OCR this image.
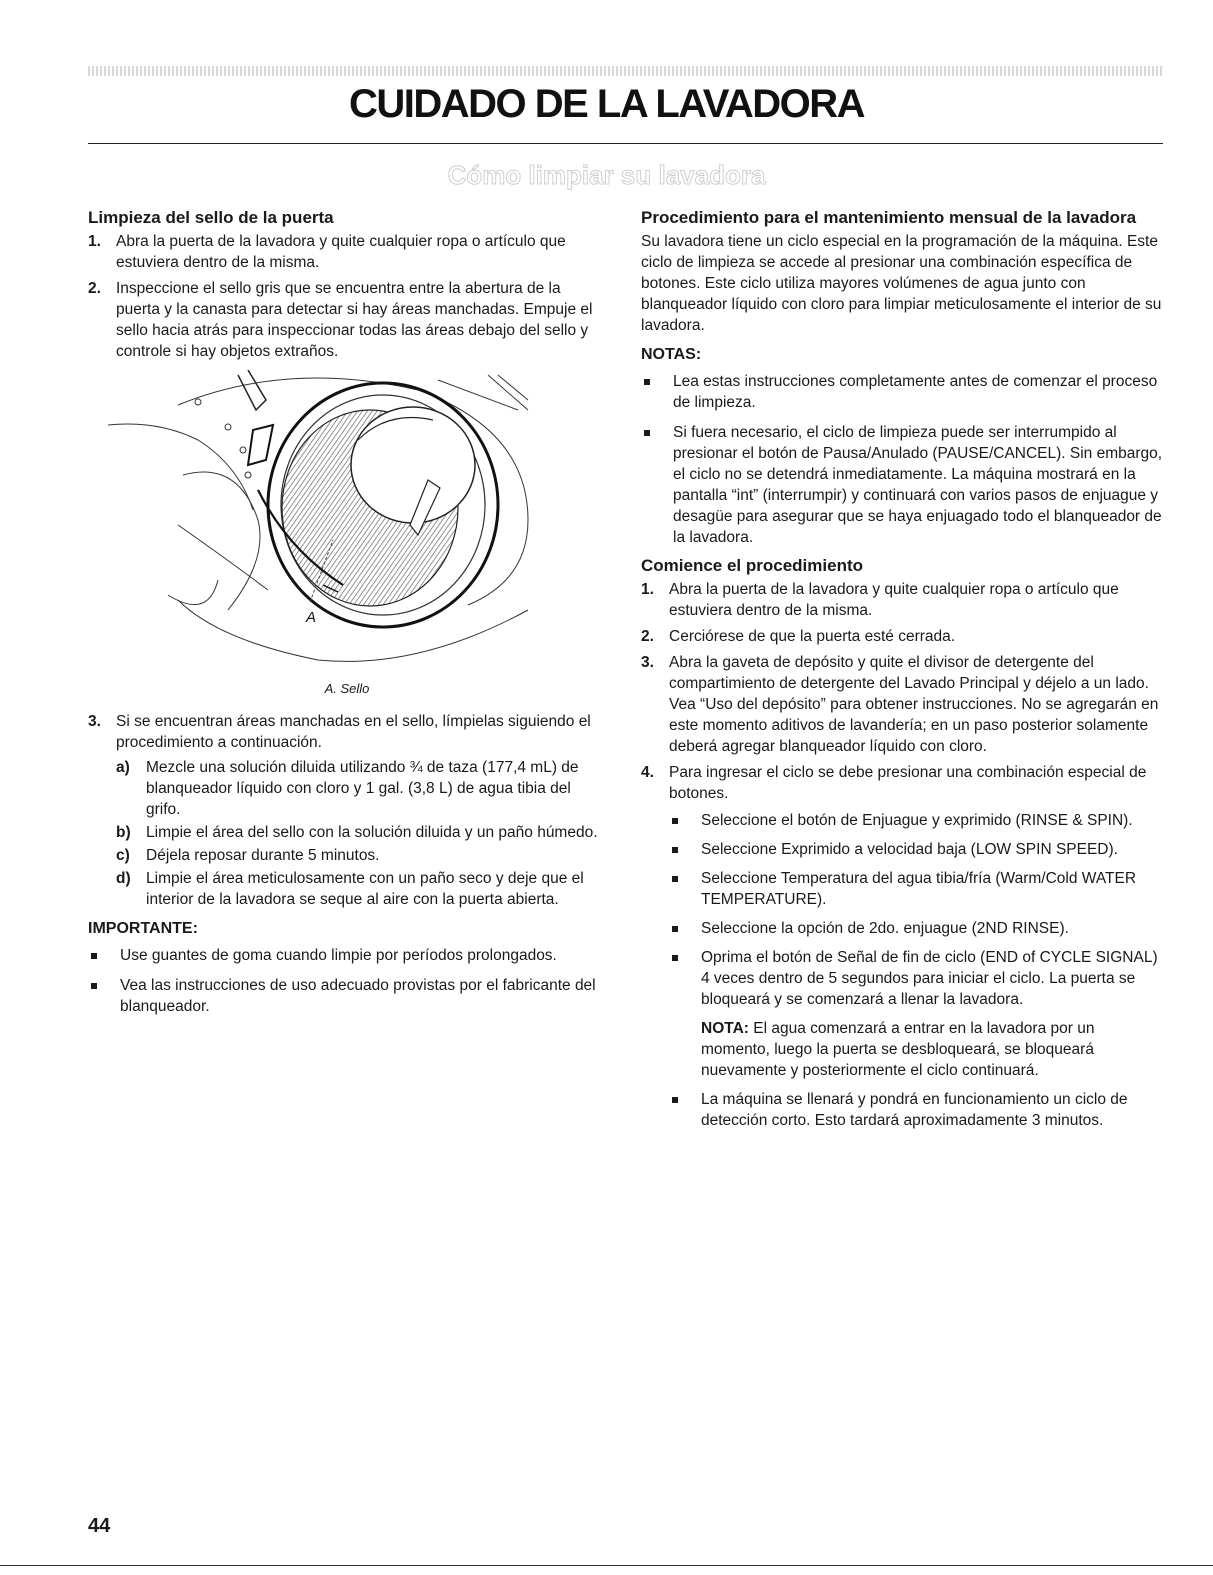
CUIDADO DE LA LAVADORA
Cómo limpiar su lavadora
Limpieza del sello de la puerta
1. Abra la puerta de la lavadora y quite cualquier ropa o artículo que estuviera dentro de la misma.
2. Inspeccione el sello gris que se encuentra entre la abertura de la puerta y la canasta para detectar si hay áreas manchadas. Empuje el sello hacia atrás para inspeccionar todas las áreas debajo del sello y controle si hay objetos extraños.
A

A. Sello

3. Si se encuentran áreas manchadas en el sello, límpielas siguiendo el procedimiento a continuación.
a) Mezcle una solución diluida utilizando ¾ de taza (177,4 mL) de blanqueador líquido con cloro y 1 gal. (3,8 L) de agua tibia del grifo.
b) Limpie el área del sello con la solución diluida y un paño húmedo.
c) Déjela reposar durante 5 minutos.
d) Limpie el área meticulosamente con un paño seco y deje que el interior de la lavadora se seque al aire con la puerta abierta.

IMPORTANTE:

Use guantes de goma cuando limpie por períodos prolongados.
Vea las instrucciones de uso adecuado provistas por el fabricante del blanqueador.
Procedimiento para el mantenimiento mensual de la lavadora

Su lavadora tiene un ciclo especial en la programación de la máquina. Este ciclo de limpieza se accede al presionar una combinación específica de botones. Este ciclo utiliza mayores volúmenes de agua junto con blanqueador líquido con cloro para limpiar meticulosamente el interior de su lavadora.

NOTAS:

Lea estas instrucciones completamente antes de comenzar el proceso de limpieza.
Si fuera necesario, el ciclo de limpieza puede ser interrumpido al presionar el botón de Pausa/Anulado (PAUSE/CANCEL). Sin embargo, el ciclo no se detendrá inmediatamente. La máquina mostrará en la pantalla “int” (interrumpir) y continuará con varios pasos de enjuague y desagüe para asegurar que se haya enjuagado todo el blanqueador de la lavadora.
Comience el procedimiento
1. Abra la puerta de la lavadora y quite cualquier ropa o artículo que estuviera dentro de la misma.
2. Cerciórese de que la puerta esté cerrada.
3. Abra la gaveta de depósito y quite el divisor de detergente del compartimiento de detergente del Lavado Principal y déjelo a un lado. Vea “Uso del depósito” para obtener instrucciones. No se agregarán en este momento aditivos de lavandería; en un paso posterior solamente deberá agregar blanqueador líquido con cloro.
4. Para ingresar el ciclo se debe presionar una combinación especial de botones.
Seleccione el botón de Enjuague y exprimido (RINSE & SPIN).
Seleccione Exprimido a velocidad baja (LOW SPIN SPEED).
Seleccione Temperatura del agua tibia/fría (Warm/Cold WATER TEMPERATURE).
Seleccione la opción de 2do. enjuague (2ND RINSE).
Oprima el botón de Señal de fin de ciclo (END of CYCLE SIGNAL) 4 veces dentro de 5 segundos para iniciar el ciclo. La puerta se bloqueará y se comenzará a llenar la lavadora.

NOTA: El agua comenzará a entrar en la lavadora por un momento, luego la puerta se desbloqueará, se bloqueará nuevamente y posteriormente el ciclo continuará.

La máquina se llenará y pondrá en funcionamiento un ciclo de detección corto. Esto tardará aproximadamente 3 minutos.
44
